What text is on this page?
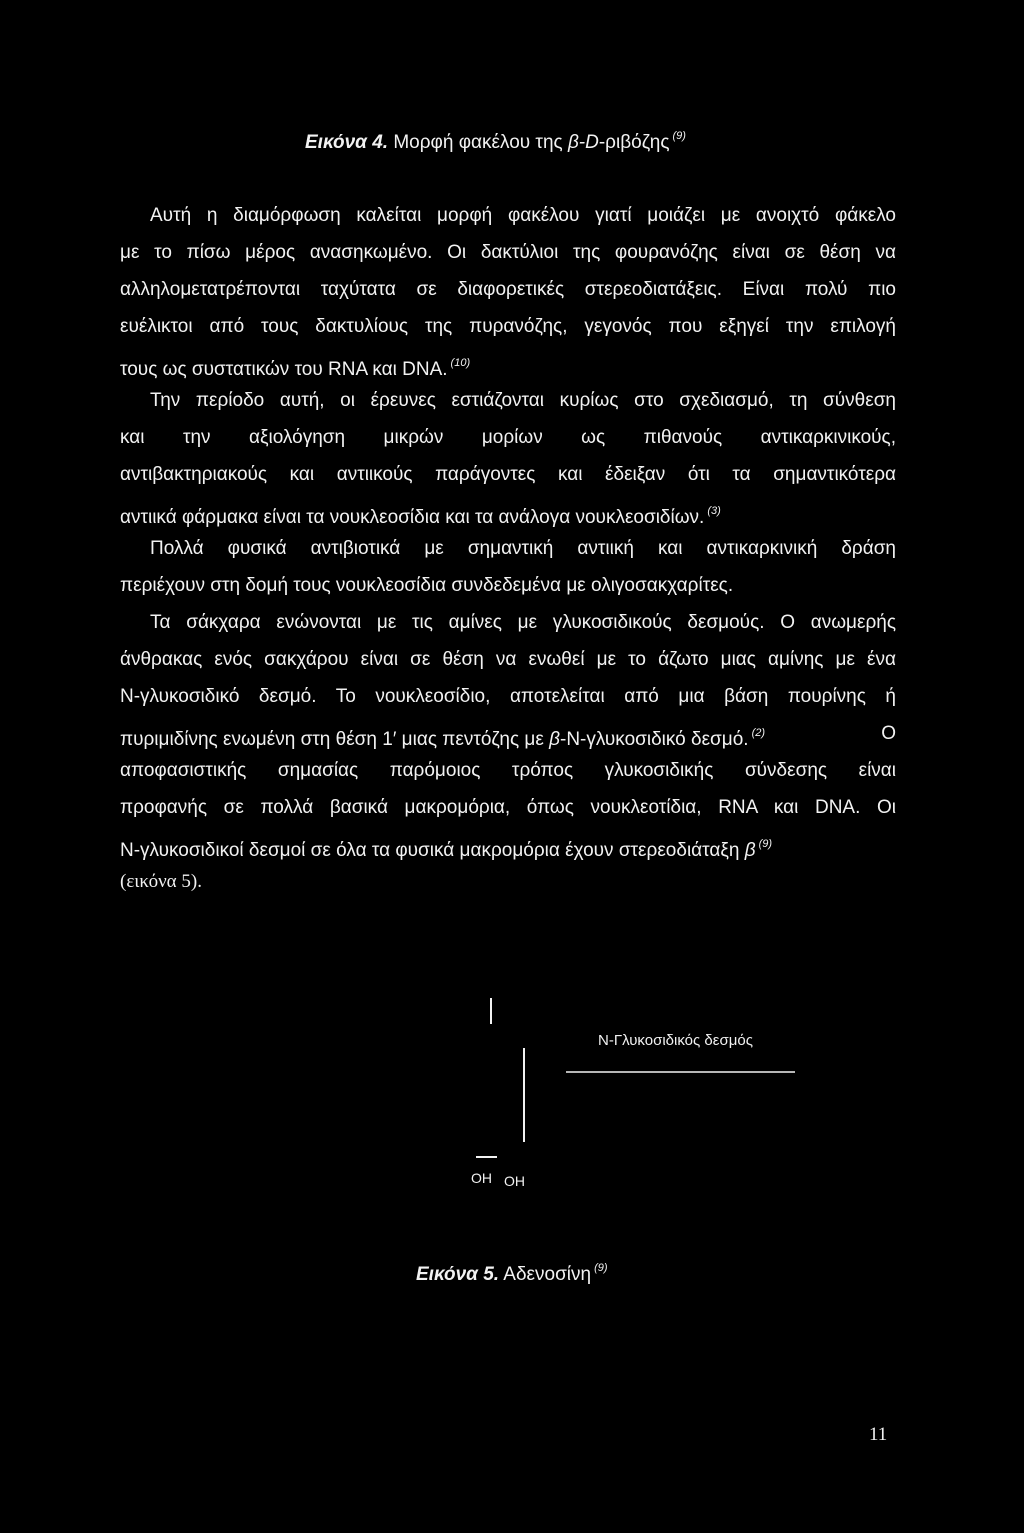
Εικόνα 4. Μορφή φακέλου της β-D-ριβόζης $^{(9)}$
Αυτή η διαμόρφωση καλείται μορφή φακέλου γιατί μοιάζει με ανοιχτό φάκελο
με το πίσω μέρος ανασηκωμένο. Οι δακτύλιοι της φουρανόζης είναι σε θέση να
αλληλομετατρέπονται ταχύτατα σε διαφορετικές στερεοδιατάξεις. Είναι πολύ πιο
ευέλικτοι από τους δακτυλίους της πυρανόζης, γεγονός που εξηγεί την επιλογή
τους ως συστατικών του RNA και DNA. $^{(10)}$
Την περίοδο αυτή, οι έρευνες εστιάζονται κυρίως στο σχεδιασμό, τη σύνθεση
και την αξιολόγηση μικρών μορίων ως πιθανούς αντικαρκινικούς,
αντιβακτηριακούς και αντιικούς παράγοντες και έδειξαν ότι τα σημαντικότερα
αντιικά φάρμακα είναι τα νουκλεοσίδια και τα ανάλογα νουκλεοσιδίων. $^{(3)}$
Πολλά φυσικά αντιβιοτικά με σημαντική αντιική και αντικαρκινική δράση
περιέχουν στη δομή τους νουκλεοσίδια συνδεδεμένα με ολιγοσακχαρίτες.
Τα σάκχαρα ενώνονται με τις αμίνες με γλυκοσιδικούς δεσμούς. Ο ανωμερής
άνθρακας ενός σακχάρου είναι σε θέση να ενωθεί με το άζωτο μιας αμίνης με ένα
Ν-γλυκοσιδικό δεσμό. Το νουκλεοσίδιο, αποτελείται από μια βάση πουρίνης ή
πυριμιδίνης ενωμένη στη θέση 1′ μιας πεντόζης με β-Ν-γλυκοσιδικό δεσμό. $^{(2)}$	Ο
αποφασιστικής σημασίας παρόμοιος τρόπος γλυκοσιδικής σύνδεσης είναι
προφανής σε πολλά βασικά μακρομόρια, όπως νουκλεοτίδια, RNA και DNA. Οι
Ν-γλυκοσιδικοί δεσμοί σε όλα τα φυσικά μακρομόρια έχουν στερεοδιάταξη β $^{(9)}$
(εικόνα 5).
Ν-Γλυκοσιδικός δεσμός
OH OH
Εικόνα 5. Αδενοσίνη $^{(9)}$
11
